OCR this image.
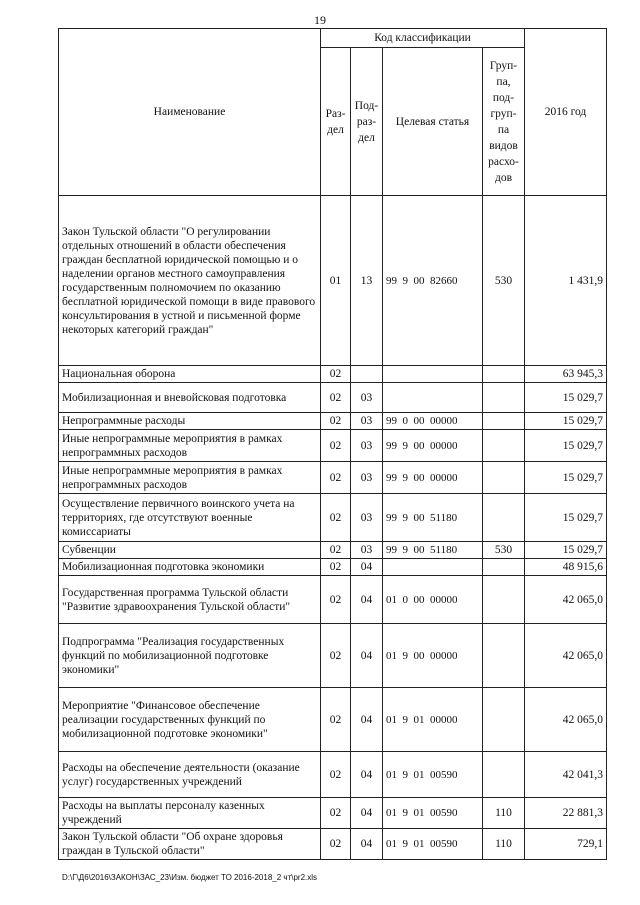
19
Наименование	Код классификации				2016 год
	Раз- дел	Под- раз- дел	Целевая статья	Груп- па, под- груп- па видов расхо- дов	
Закон Тульской области "О регулировании отдельных отношений в области обеспечения граждан бесплатной юридической помощью и о наделении органов местного самоуправления государственным полномочием по оказанию бесплатной юридической помощи в виде правового консультирования в устной и письменной форме некоторых категорий граждан"	01	13	99  9  00  82660	530	1 431,9
Национальная оборона	02				63 945,3
Мобилизационная и вневойсковая подготовка	02	03			15 029,7
Непрограммные расходы	02	03	99  0  00  00000		15 029,7
Иные непрограммные мероприятия в рамках непрограммных расходов	02	03	99  9  00  00000		15 029,7
Иные непрограммные мероприятия в рамках непрограммных расходов	02	03	99  9  00  00000		15 029,7
Осуществление первичного воинского учета на территориях, где отсутствуют военные комиссариаты	02	03	99  9  00  51180		15 029,7
Субвенции	02	03	99  9  00  51180	530	15 029,7
Мобилизационная подготовка экономики	02	04			48 915,6
Государственная программа Тульской области "Развитие здравоохранения Тульской области"	02	04	01  0  00  00000		42 065,0
Подпрограмма "Реализация государственных функций по мобилизационной подготовке экономики"	02	04	01  9  00  00000		42 065,0
Мероприятие "Финансовое обеспечение реализации государственных функций по мобилизационной подготовке экономики"	02	04	01  9  01  00000		42 065,0
Расходы на обеспечение деятельности (оказание услуг) государственных учреждений	02	04	01  9  01  00590		42 041,3
Расходы на выплаты персоналу казенных учреждений	02	04	01  9  01  00590	110	22 881,3
Закон Тульской области "Об охране здоровья граждан в Тульской области"	02	04	01  9  01  00590	110	729,1
D:\Г\Д6\2016\ЗАКОН\ЗАС_23\Изм. бюджет ТО 2016-2018_2 чт\pr2.xls
